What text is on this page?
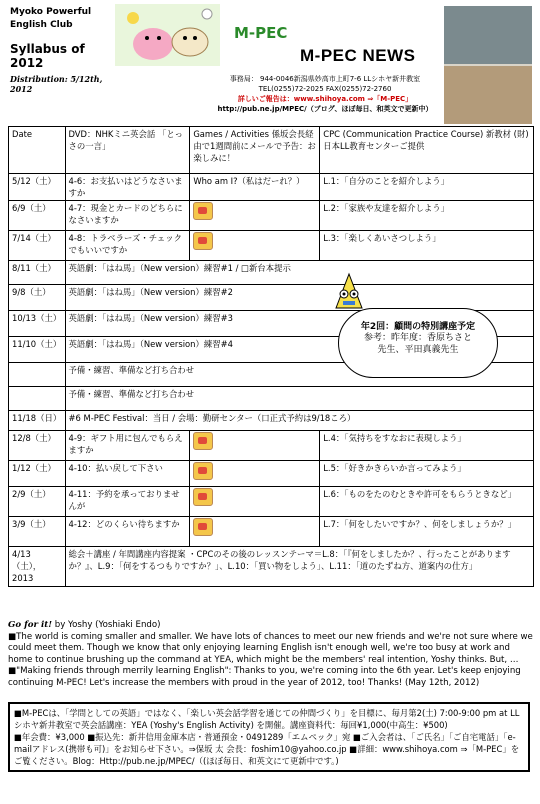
Myoko Powerful
English Club
Syllabus of 2012
Distribution: 5/12th, 2012
M-PEC
M-PEC NEWS
事務局： 944-0046新潟県妙高市上町7-6 LLシホヤ新井教室
TEL(0255)72-2025 FAX(0255)72-2760
詳しいご報告は：www.shihoya.com ⇒「M-PEC」
http://pub.ne.jp/MPEC/（ブログ、ほぼ毎日、和英文で更新中）
Date	DVD：NHKミニ英会話 「とっさの一言」	Games / Activities 係坂会長経由で1週間前にメールで予告：お楽しみに！	CPC (Communication Practice Course) 新教材 (財)日本LL教育センターご提供
5/12（土）	4-6：お支払いはどうなさいますか	Who am I?（私はだーれ？）	L.1：「自分のことを紹介しよう」
6/9（土）	4-7：現金とカードのどちらになさいますか		L.2：「家族や友達を紹介しよう」
7/14（土）	4-8：トラベラーズ・チェックでもいいですか		L.3：「楽しくあいさつしよう」
8/11（土）	英語劇：「はね馬」（New version）練習#1 / □新台本提示		
9/8（土）	英語劇：「はね馬」（New version）練習#2		
10/13（土）	英語劇：「はね馬」（New version）練習#3		
11/10（土）	英語劇：「はね馬」（New version）練習#4		
	予備・練習、準備など打ち合わせ		
	予備・練習、準備など打ち合わせ		
11/18（日）	#6 M-PEC Festival：当日 / 会場：勤研センター（口正式予約は9/18ころ）		
12/8（土）	4-9：ギフト用に包んでもらえますか		L.4：「気持ちをすなおに表現しよう」
1/12（土）	4-10：払い戻して下さい		L.5：「好きかきらいか言ってみよう」
2/9（土）	4-11：予約を承っておりませんが		L.6：「ものをたのむときや許可をもらうときなど」
3/9（土）	4-12：どのくらい待ちますか		L.7：「何をしたいですか？、何をしましょうか？」
4/13 （土），2013	総会＋講座 / 年間講座内容提案 ・CPCのその後のレッスンテーマ＝L.8：「『何をしましたか？、行ったことがありますか？』、L.9：「何をするつもりですか？」、L.10：「買い物をしよう」、L.11：「道のたずね方、道案内の仕方」		
年2回：顧問の特別講座予定
参考：昨年度：香原ちさと
先生、平田真義先生
Go for it! by Yoshy (Yoshiaki Endo)
■The world is coming smaller and smaller. We have lots of chances to meet our new friends and we're not sure where we could meet them. Though we know that only enjoying learning English isn't enough well, we're too busy at work and home to continue brushing up the command at YEA, which might be the members' real intention, Yoshy thinks. But, …
■"Making friends through merrily learning English": Thanks to you, we're coming into the 6th year. Let's keep enjoying continuing M-PEC! Let's increase the members with proud in the year of 2012, too! Thanks! (May 12th, 2012)
■M-PECは、「学問としての英語」ではなく、「楽しい英会話学習を通じての仲間づくり」を目標に、毎月第2(土) 7:00-9:00 pm at LLシホヤ新井教室で英会話講座：YEA (Yoshy's English Activity) を開催。講座資料代：毎回¥1,000(中高生：¥500)
■年会費：¥3,000 ■振込先：新井信用金庫本店・普通預金・0491289「エムペック」宛 ■ご入会者は、「ご氏名」「ご自宅電話」「e-mailアドレス(携帯も可)」をお知らせ下さい。⇒保坂 太 会長：foshim10@yahoo.co.jp ■詳細：www.shihoya.com ⇒「M-PEC」をご覧ください。Blog：Http://pub.ne.jp/MPEC/（(ほぼ毎日、和英文にて更新中です。)
